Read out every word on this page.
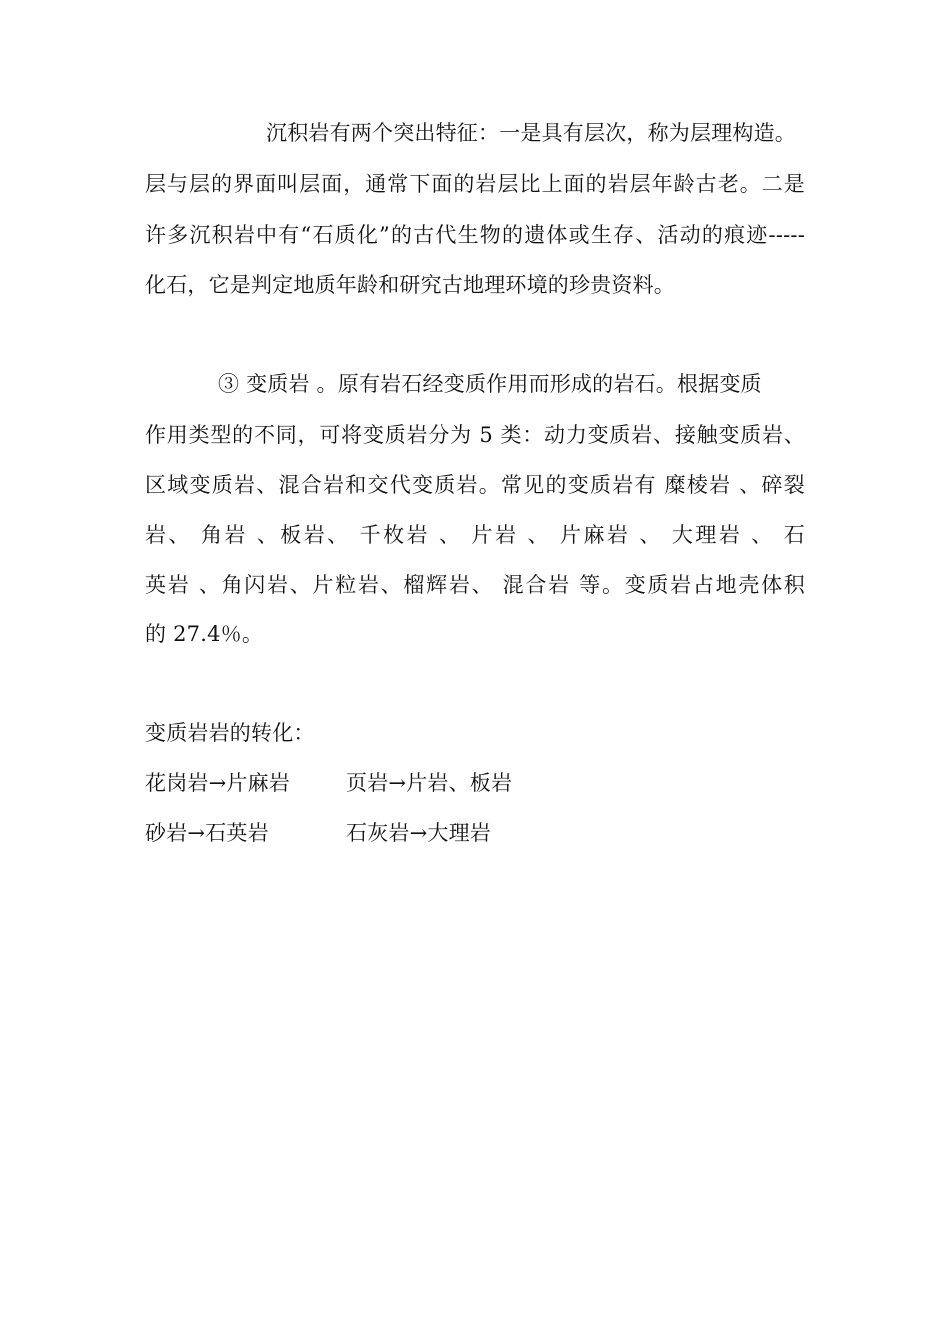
沉积岩有两个突出特征：一是具有层次，称为层理构造。
层与层的界面叫层面，通常下面的岩层比上面的岩层年龄古老。二是
许多沉积岩中有“石质化”的古代生物的遗体或生存、活动的痕迹-----
化石，它是判定地质年龄和研究古地理环境的珍贵资料。
③ 变质岩 。原有岩石经变质作用而形成的岩石。根据变质
作用类型的不同，可将变质岩分为 5 类：动力变质岩、接触变质岩、
区域变质岩、混合岩和交代变质岩。常见的变质岩有 糜棱岩 、碎裂
岩、 角岩 、板岩、 千枚岩 、 片岩 、 片麻岩 、 大理岩 、 石
英岩 、角闪岩、片粒岩、榴辉岩、 混合岩 等。变质岩占地壳体积
的 27.4％。
变质岩岩的转化：
花岗岩→片麻岩	页岩→片岩、板岩
砂岩→石英岩	石灰岩→大理岩
